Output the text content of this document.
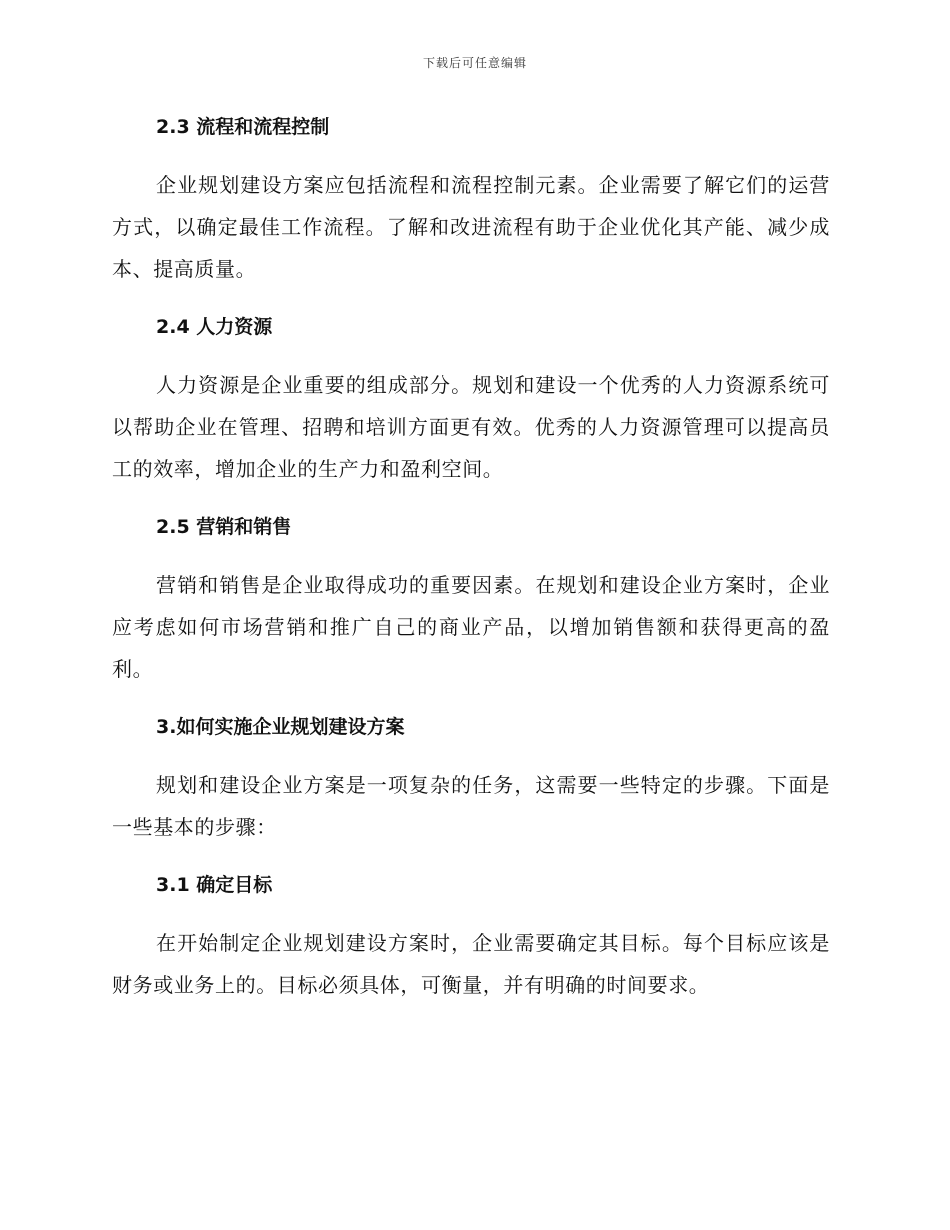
下载后可任意编辑
2.3 流程和流程控制

企业规划建设方案应包括流程和流程控制元素。企业需要了解它们的运营方式，以确定最佳工作流程。了解和改进流程有助于企业优化其产能、减少成本、提高质量。

2.4 人力资源

人力资源是企业重要的组成部分。规划和建设一个优秀的人力资源系统可以帮助企业在管理、招聘和培训方面更有效。优秀的人力资源管理可以提高员工的效率，增加企业的生产力和盈利空间。

2.5 营销和销售

营销和销售是企业取得成功的重要因素。在规划和建设企业方案时，企业应考虑如何市场营销和推广自己的商业产品，以增加销售额和获得更高的盈利。

3.如何实施企业规划建设方案

规划和建设企业方案是一项复杂的任务，这需要一些特定的步骤。下面是一些基本的步骤：

3.1 确定目标

在开始制定企业规划建设方案时，企业需要确定其目标。每个目标应该是财务或业务上的。目标必须具体，可衡量，并有明确的时间要求。
